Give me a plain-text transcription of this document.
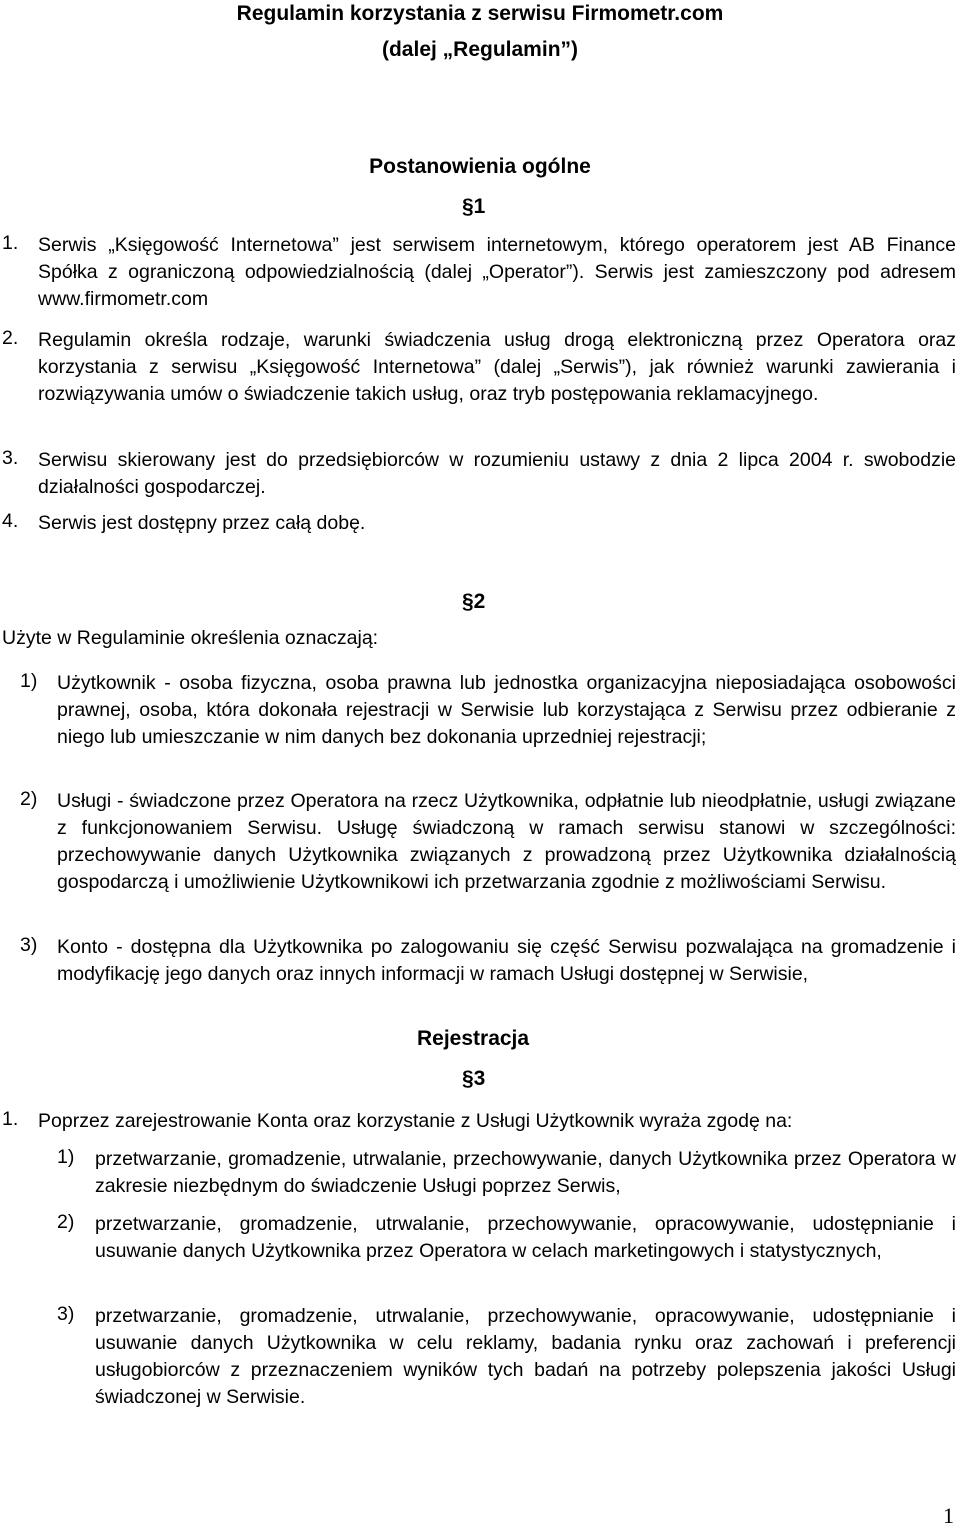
Regulamin korzystania z serwisu Firmometr.com
(dalej „Regulamin”)
Postanowienia ogólne
§1
1. Serwis „Księgowość Internetowa” jest serwisem internetowym, którego operatorem jest AB Finance Spółka z ograniczoną odpowiedzialnością (dalej „Operator”). Serwis jest zamieszczony pod adresem www.firmometr.com
2. Regulamin określa rodzaje, warunki świadczenia usług drogą elektroniczną przez Operatora oraz korzystania z serwisu „Księgowość Internetowa” (dalej „Serwis”), jak również warunki zawierania i rozwiązywania umów o świadczenie takich usług, oraz tryb postępowania reklamacyjnego.
3. Serwisu skierowany jest do przedsiębiorców w rozumieniu ustawy z dnia 2 lipca 2004 r. swobodzie działalności gospodarczej.
4. Serwis jest dostępny przez całą dobę.
§2
Użyte w Regulaminie określenia oznaczają:
1) Użytkownik - osoba fizyczna, osoba prawna lub jednostka organizacyjna nieposiadająca osobowości prawnej, osoba, która dokonała rejestracji w Serwisie lub korzystająca z Serwisu przez odbieranie z niego lub umieszczanie w nim danych bez dokonania uprzedniej rejestracji;
2) Usługi - świadczone przez Operatora na rzecz Użytkownika, odpłatnie lub nieodpłatnie, usługi związane z funkcjonowaniem Serwisu. Usługę świadczoną w ramach serwisu stanowi w szczególności: przechowywanie danych Użytkownika związanych z prowadzoną przez Użytkownika działalnością gospodarczą i umożliwienie Użytkownikowi ich przetwarzania zgodnie z możliwościami Serwisu.
3) Konto - dostępna dla Użytkownika po zalogowaniu się część Serwisu pozwalająca na gromadzenie i modyfikację jego danych oraz innych informacji w ramach Usługi dostępnej w Serwisie,
Rejestracja
§3
1. Poprzez zarejestrowanie Konta oraz korzystanie z Usługi Użytkownik wyraża zgodę na:
1) przetwarzanie, gromadzenie, utrwalanie, przechowywanie, danych Użytkownika przez Operatora w zakresie niezbędnym do świadczenie Usługi poprzez Serwis,
2) przetwarzanie, gromadzenie, utrwalanie, przechowywanie, opracowywanie, udostępnianie i usuwanie danych Użytkownika przez Operatora w celach marketingowych i statystycznych,
3) przetwarzanie, gromadzenie, utrwalanie, przechowywanie, opracowywanie, udostępnianie i usuwanie danych Użytkownika w celu reklamy, badania rynku oraz zachowań i preferencji usługobiorców z przeznaczeniem wyników tych badań na potrzeby polepszenia jakości Usługi świadczonej w Serwisie.
1
